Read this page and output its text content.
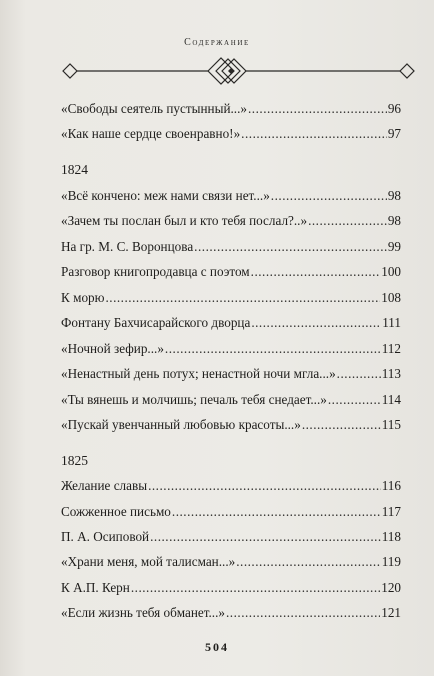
Содержание
«Свободы сеятель пустынный...» .....	96
«Как наше сердце своенравно!» .....	97
1824
«Всё кончено: меж нами связи нет...» .....	98
«Зачем ты послан был и кто тебя послал?..» .....	98
На гр. М. С. Воронцова .....	99
Разговор книгопродавца с поэтом .....	100
К морю .....	108
Фонтану Бахчисарайского дворца .....	111
«Ночной зефир...» .....	112
«Ненастный день потух; ненастной ночи мгла...» .....	113
«Ты вянешь и молчишь; печаль тебя снедает...» .....	114
«Пускай увенчанный любовью красоты...» .....	115
1825
Желание славы .....	116
Сожженное письмо .....	117
П. А. Осиповой .....	118
«Храни меня, мой талисман...» .....	119
К А.П. Керн .....	120
«Если жизнь тебя обманет...» .....	121
504
